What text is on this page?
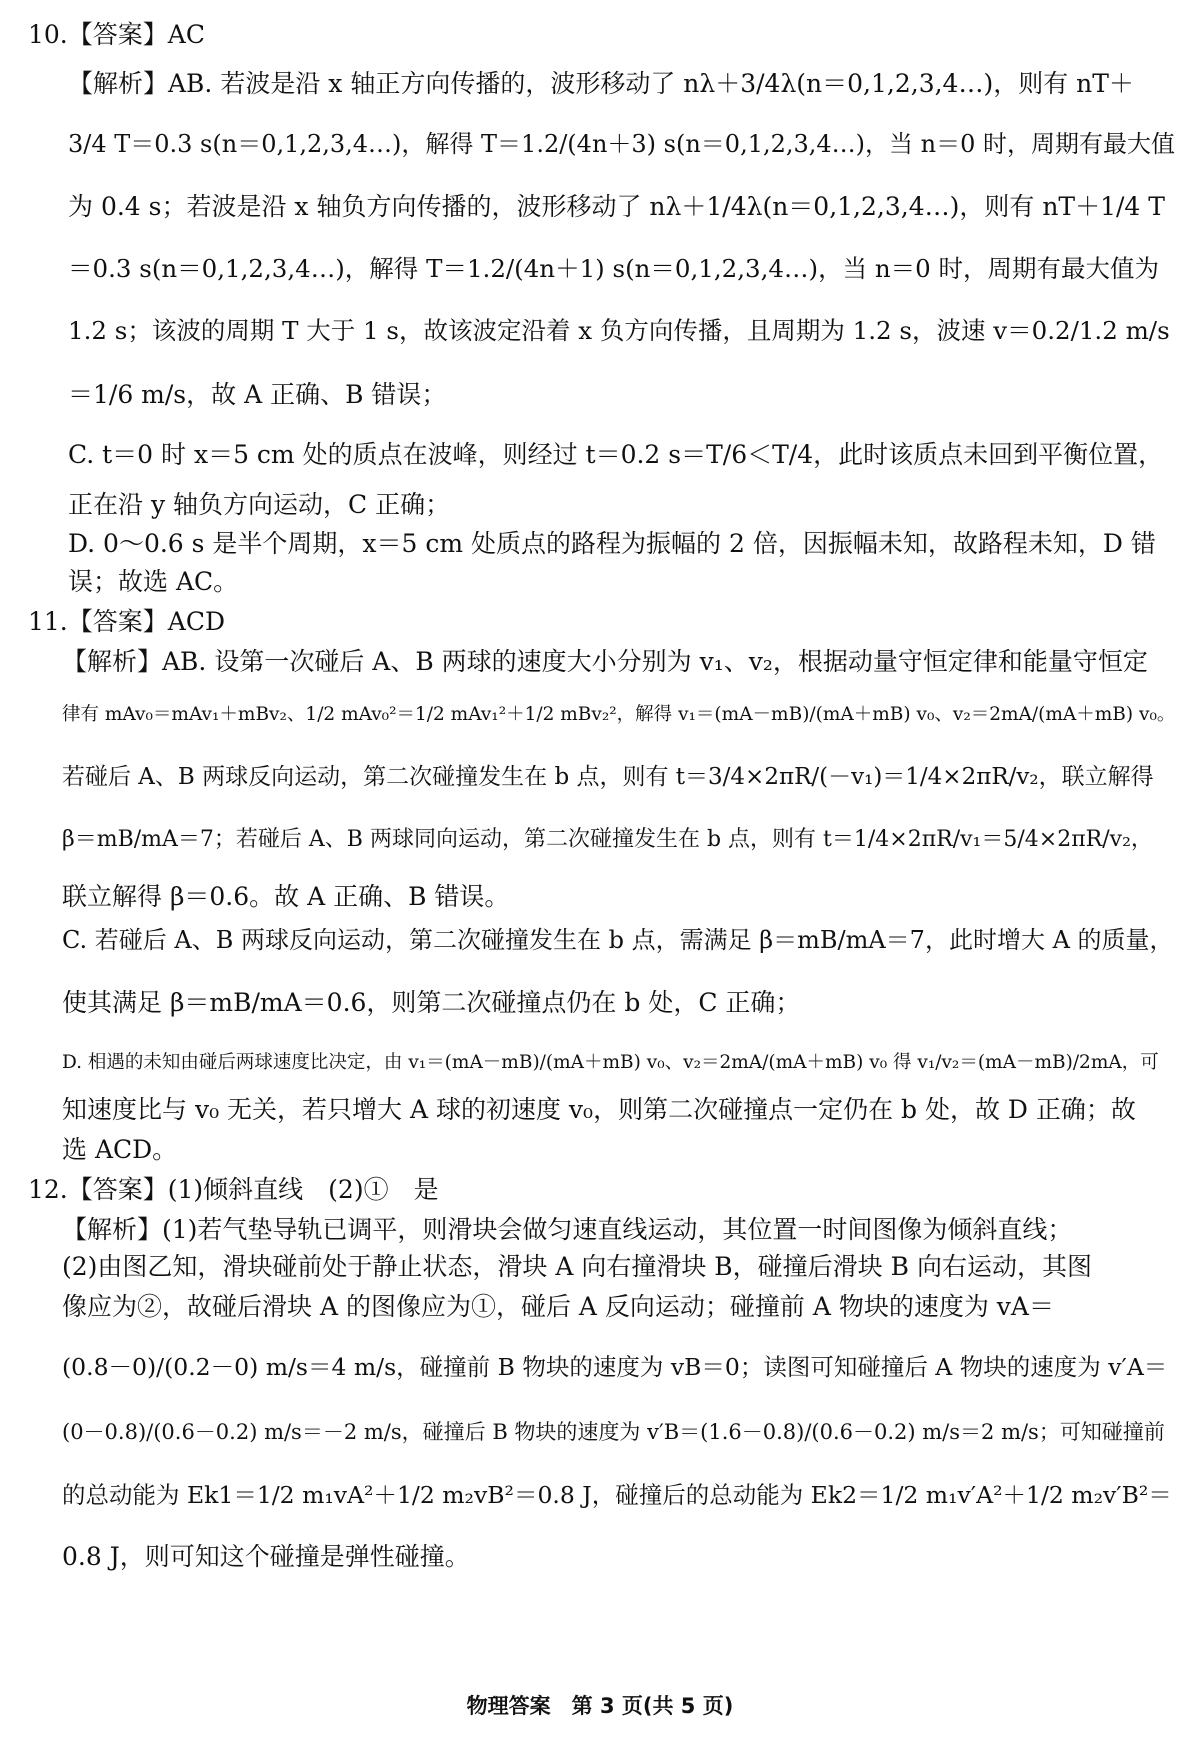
10.【答案】AC
【解析】AB. 若波是沿 x 轴正方向传播的，波形移动了 nλ＋3/4λ(n＝0,1,2,3,4…)，则有 nT＋
3/4 T＝0.3 s(n＝0,1,2,3,4…)，解得 T＝1.2/(4n＋3) s(n＝0,1,2,3,4…)，当 n＝0 时，周期有最大值
为 0.4 s；若波是沿 x 轴负方向传播的，波形移动了 nλ＋1/4λ(n＝0,1,2,3,4…)，则有 nT＋1/4 T
＝0.3 s(n＝0,1,2,3,4…)，解得 T＝1.2/(4n＋1) s(n＝0,1,2,3,4…)，当 n＝0 时，周期有最大值为
1.2 s；该波的周期 T 大于 1 s，故该波定沿着 x 负方向传播，且周期为 1.2 s，波速 v＝0.2/1.2 m/s
＝1/6 m/s，故 A 正确、B 错误；
C. t＝0 时 x＝5 cm 处的质点在波峰，则经过 t＝0.2 s＝T/6＜T/4，此时该质点未回到平衡位置，
正在沿 y 轴负方向运动，C 正确；
D. 0～0.6 s 是半个周期，x＝5 cm 处质点的路程为振幅的 2 倍，因振幅未知，故路程未知，D 错
误；故选 AC。
11.【答案】ACD
【解析】AB. 设第一次碰后 A、B 两球的速度大小分别为 v₁、v₂，根据动量守恒定律和能量守恒定
律有 mAv₀＝mAv₁＋mBv₂、1/2 mAv₀²＝1/2 mAv₁²＋1/2 mBv₂²，解得 v₁＝(mA－mB)/(mA＋mB) v₀、v₂＝2mA/(mA＋mB) v₀。
若碰后 A、B 两球反向运动，第二次碰撞发生在 b 点，则有 t＝3/4×2πR/(－v₁)＝1/4×2πR/v₂，联立解得
β＝mB/mA＝7；若碰后 A、B 两球同向运动，第二次碰撞发生在 b 点，则有 t＝1/4×2πR/v₁＝5/4×2πR/v₂，
联立解得 β＝0.6。故 A 正确、B 错误。
C. 若碰后 A、B 两球反向运动，第二次碰撞发生在 b 点，需满足 β＝mB/mA＝7，此时增大 A 的质量，
使其满足 β＝mB/mA＝0.6，则第二次碰撞点仍在 b 处，C 正确；
D. 相遇的未知由碰后两球速度比决定，由 v₁＝(mA－mB)/(mA＋mB) v₀、v₂＝2mA/(mA＋mB) v₀ 得 v₁/v₂＝(mA－mB)/2mA，可
知速度比与 v₀ 无关，若只增大 A 球的初速度 v₀，则第二次碰撞点一定仍在 b 处，故 D 正确；故
选 ACD。
12.【答案】(1)倾斜直线　(2)①　是
【解析】(1)若气垫导轨已调平，则滑块会做匀速直线运动，其位置一时间图像为倾斜直线；
(2)由图乙知，滑块碰前处于静止状态，滑块 A 向右撞滑块 B，碰撞后滑块 B 向右运动，其图
像应为②，故碰后滑块 A 的图像应为①，碰后 A 反向运动；碰撞前 A 物块的速度为 vA＝
(0.8－0)/(0.2－0) m/s＝4 m/s，碰撞前 B 物块的速度为 vB＝0；读图可知碰撞后 A 物块的速度为 v′A＝
(0－0.8)/(0.6－0.2) m/s＝－2 m/s，碰撞后 B 物块的速度为 v′B＝(1.6－0.8)/(0.6－0.2) m/s＝2 m/s；可知碰撞前
的总动能为 Ek1＝1/2 m₁vA²＋1/2 m₂vB²＝0.8 J，碰撞后的总动能为 Ek2＝1/2 m₁v′A²＋1/2 m₂v′B²＝
0.8 J，则可知这个碰撞是弹性碰撞。
物理答案　第 3 页(共 5 页)
